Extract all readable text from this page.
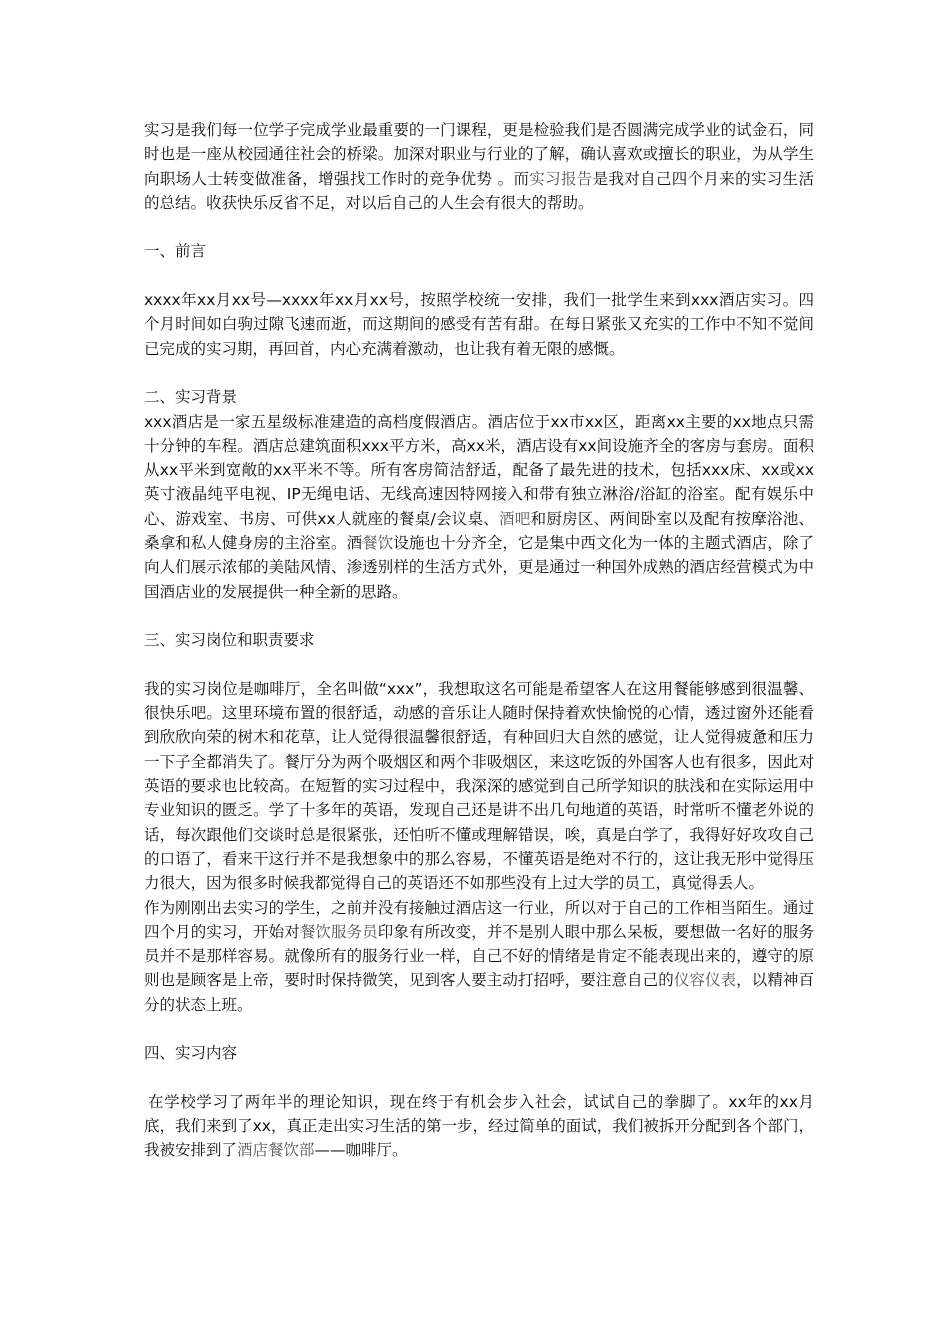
实习是我们每一位学子完成学业最重要的一门课程，更是检验我们是否圆满完成学业的试金石，同时也是一座从校园通往社会的桥梁。加深对职业与行业的了解，确认喜欢或擅长的职业，为从学生向职场人士转变做准备，增强找工作时的竞争优势 。而实习报告是我对自己四个月来的实习生活的总结。收获快乐反省不足，对以后自己的人生会有很大的帮助。

一、前言

xxxx年xx月xx号—xxxx年xx月xx号，按照学校统一安排，我们一批学生来到xxx酒店实习。四个月时间如白驹过隙飞速而逝，而这期间的感受有苦有甜。在每日紧张又充实的工作中不知不觉间已完成的实习期，再回首，内心充满着激动，也让我有着无限的感慨。

二、实习背景

xxx酒店是一家五星级标准建造的高档度假酒店。酒店位于xx市xx区，距离xx主要的xx地点只需十分钟的车程。酒店总建筑面积xxx平方米，高xx米，酒店设有xx间设施齐全的客房与套房。面积从xx平米到宽敞的xx平米不等。所有客房简洁舒适，配备了最先进的技术，包括xxx床、xx或xx英寸液晶纯平电视、IP无绳电话、无线高速因特网接入和带有独立淋浴/浴缸的浴室。配有娱乐中心、游戏室、书房、可供xx人就座的餐桌/会议桌、酒吧和厨房区、两间卧室以及配有按摩浴池、桑拿和私人健身房的主浴室。酒餐饮设施也十分齐全，它是集中西文化为一体的主题式酒店，除了向人们展示浓郁的美陆风情、渗透别样的生活方式外，更是通过一种国外成熟的酒店经营模式为中国酒店业的发展提供一种全新的思路。

三、实习岗位和职责要求

我的实习岗位是咖啡厅，全名叫做“xxx”，我想取这名可能是希望客人在这用餐能够感到很温馨、很快乐吧。这里环境布置的很舒适，动感的音乐让人随时保持着欢快愉悦的心情，透过窗外还能看到欣欣向荣的树木和花草，让人觉得很温馨很舒适，有种回归大自然的感觉，让人觉得疲惫和压力一下子全都消失了。餐厅分为两个吸烟区和两个非吸烟区，来这吃饭的外国客人也有很多，因此对英语的要求也比较高。在短暂的实习过程中，我深深的感觉到自己所学知识的肤浅和在实际运用中专业知识的匮乏。学了十多年的英语，发现自己还是讲不出几句地道的英语，时常听不懂老外说的话，每次跟他们交谈时总是很紧张，还怕听不懂或理解错误，唉，真是白学了，我得好好攻攻自己的口语了，看来干这行并不是我想象中的那么容易，不懂英语是绝对不行的，这让我无形中觉得压力很大，因为很多时候我都觉得自己的英语还不如那些没有上过大学的员工，真觉得丢人。

作为刚刚出去实习的学生，之前并没有接触过酒店这一行业，所以对于自己的工作相当陌生。通过四个月的实习，开始对餐饮服务员印象有所改变，并不是别人眼中那么呆板，要想做一名好的服务员并不是那样容易。就像所有的服务行业一样，自己不好的情绪是肯定不能表现出来的，遵守的原则也是顾客是上帝，要时时保持微笑，见到客人要主动打招呼，要注意自己的仪容仪表，以精神百分的状态上班。

四、实习内容

在学校学习了两年半的理论知识，现在终于有机会步入社会，试试自己的拳脚了。xx年的xx月底，我们来到了xx，真正走出实习生活的第一步，经过简单的面试，我们被拆开分配到各个部门，我被安排到了酒店餐饮部——咖啡厅。
